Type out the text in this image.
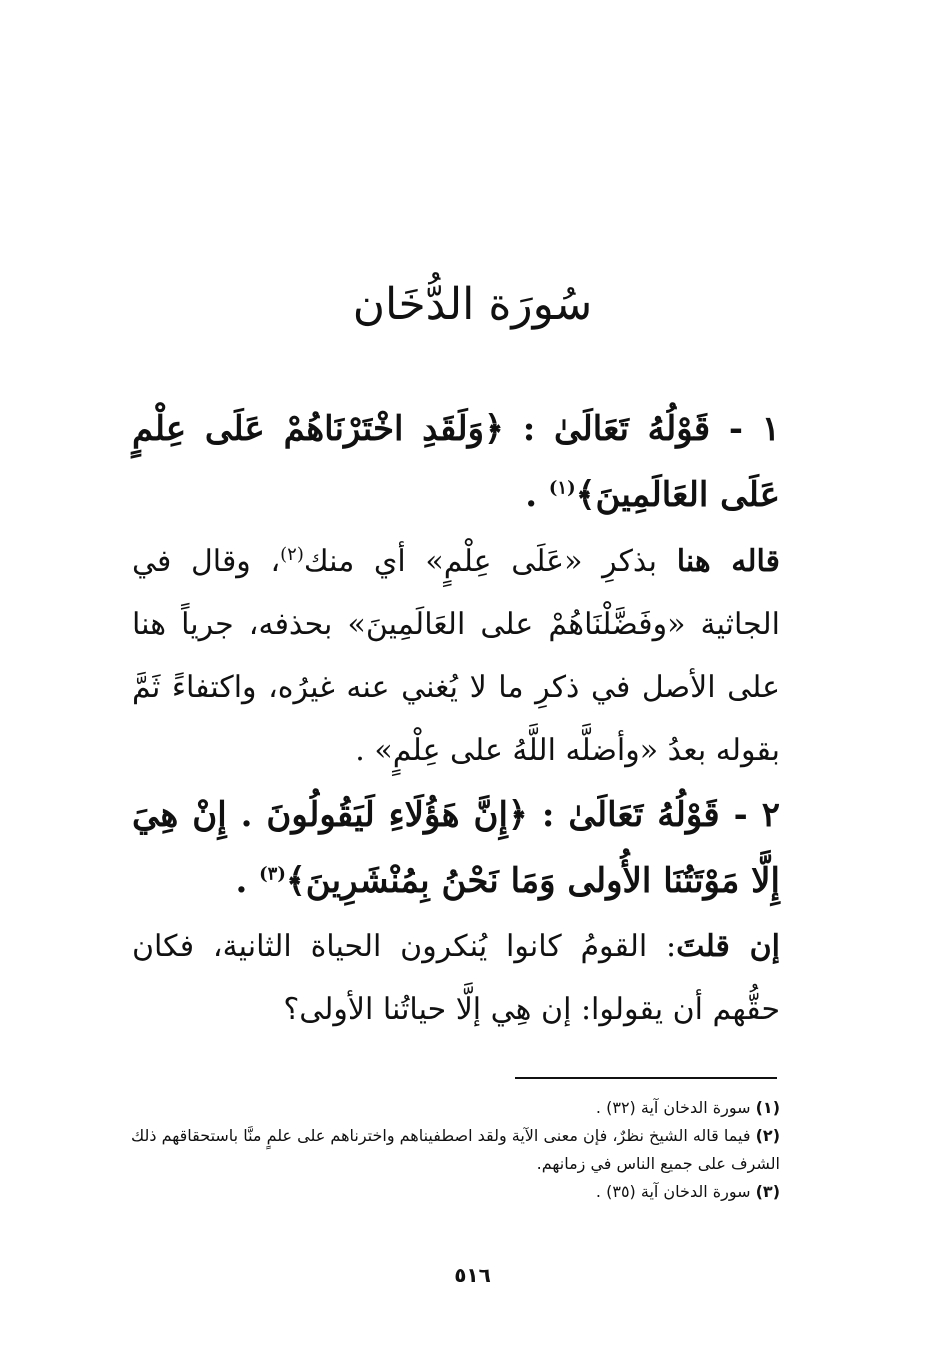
سُورَة الدُّخَان

١ - قَوْلُهُ تَعَالَىٰ : ﴿وَلَقَدِ اخْتَرْنَاهُمْ عَلَى عِلْمٍ عَلَى العَالَمِينَ﴾$^{(١)}$ .

قاله هنا بذكرِ «عَلَى عِلْمٍ» أي منك$^{(٢)}$، وقال في الجاثية «وفَضَّلْنَاهُمْ على العَالَمِينَ» بحذفه، جرياً هنا على الأصل في ذكرِ ما لا يُغني عنه غيرُه، واكتفاءً ثَمَّ بقوله بعدُ «وأضلَّه اللَّهُ على عِلْمٍ» .

٢ - قَوْلُهُ تَعَالَىٰ : ﴿إِنَّ هَؤُلَاءِ لَيَقُولُونَ . إِنْ هِيَ إِلَّا مَوْتَتُنَا الأُولى وَمَا نَحْنُ بِمُنْشَرِينَ﴾$^{(٣)}$ .

إن قلتَ: القومُ كانوا يُنكرون الحياة الثانية، فكان حقُّهم أن يقولوا: إن هِي إلَّا حياتُنا الأولى؟

(١) سورة الدخان آية (٣٢) .

(٢) فيما قاله الشيخ نظرٌ، فإن معنى الآية ولقد اصطفيناهم واخترناهم على علمٍ منَّا باستحقاقهم ذلك الشرف على جميع الناس في زمانهم.

(٣) سورة الدخان آية (٣٥) .

٥١٦
